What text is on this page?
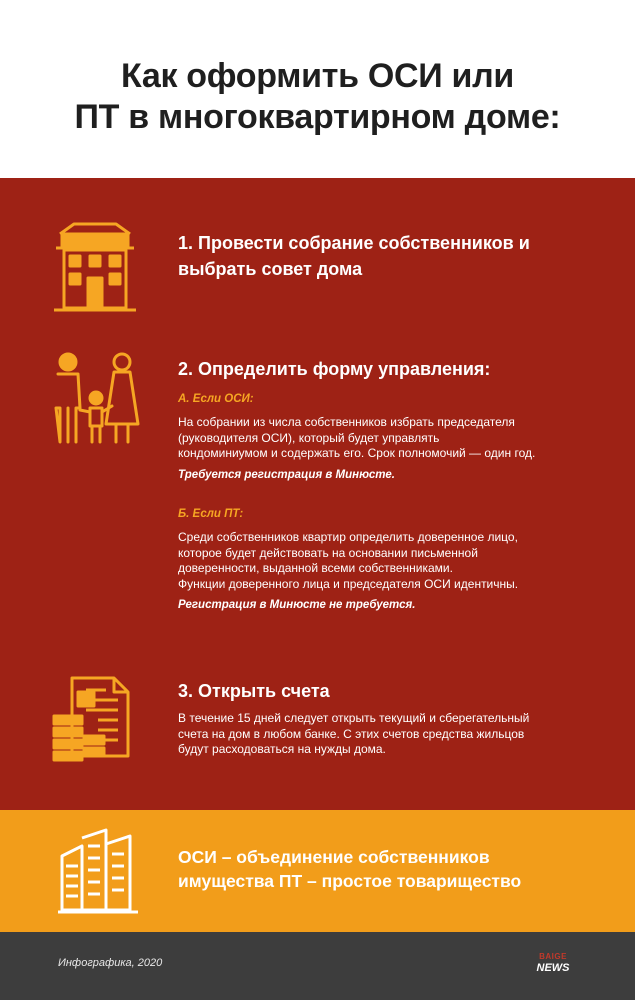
Как оформить ОСИ или
ПТ в многоквартирном доме:
1. Провести собрание собственников и
выбрать совет дома
2. Определить форму управления:
А. Если ОСИ:
На собрании из числа собственников избрать председателя
(руководителя ОСИ), который будет управлять
кондоминиумом и содержать его. Срок полномочий — один год.
Требуется регистрация в Минюсте.
Б. Если ПТ:
Среди собственников квартир определить доверенное лицо,
которое будет действовать на основании письменной
доверенности, выданной всеми собственниками.
Функции доверенного лица и председателя ОСИ идентичны.
Регистрация в Минюсте не требуется.
3. Открыть счета
В течение 15 дней следует открыть текущий и сберегательный
счета на дом в любом банке. С этих счетов средства жильцов
будут расходоваться на нужды дома.
ОСИ – объединение собственников
имущества ПТ – простое товарищество
Инфографика, 2020
BAIGE
NEWS
